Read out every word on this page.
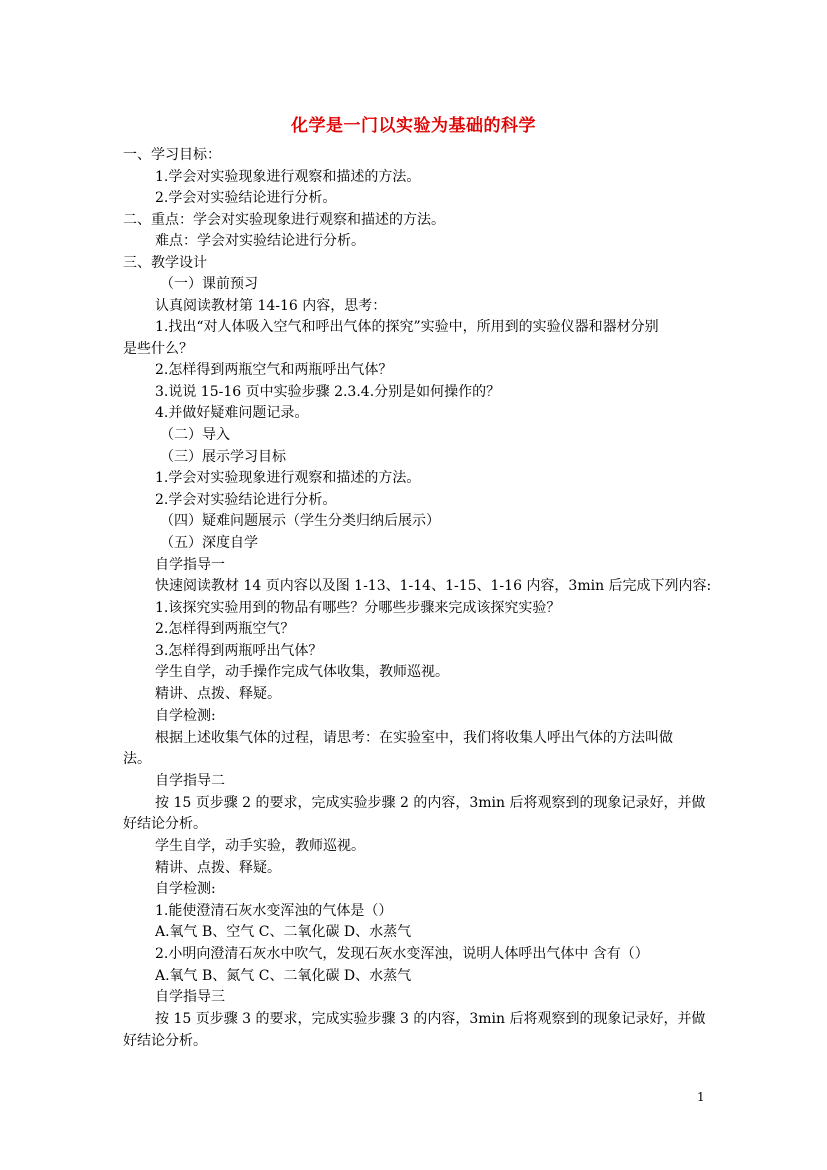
化学是一门以实验为基础的科学
一、学习目标：
1.学会对实验现象进行观察和描述的方法。
2.学会对实验结论进行分析。
二、重点：学会对实验现象进行观察和描述的方法。
难点：学会对实验结论进行分析。
三、教学设计
（一）课前预习
认真阅读教材第 14-16 内容，思考：
1.找出“对人体吸入空气和呼出气体的探究”实验中，所用到的实验仪器和器材分别
是些什么？
2.怎样得到两瓶空气和两瓶呼出气体？
3.说说 15-16 页中实验步骤 2.3.4.分别是如何操作的？
4.并做好疑难问题记录。
（二）导入
（三）展示学习目标
1.学会对实验现象进行观察和描述的方法。
2.学会对实验结论进行分析。
（四）疑难问题展示（学生分类归纳后展示）
（五）深度自学
自学指导一
快速阅读教材 14 页内容以及图 1-13、1-14、1-15、1-16 内容，3min 后完成下列内容:
1.该探究实验用到的物品有哪些？分哪些步骤来完成该探究实验？
2.怎样得到两瓶空气？
3.怎样得到两瓶呼出气体？
学生自学，动手操作完成气体收集，教师巡视。
精讲、点拨、释疑。
自学检测:
根据上述收集气体的过程，请思考：在实验室中，我们将收集人呼出气体的方法叫做
法。
自学指导二
按 15 页步骤 2 的要求，完成实验步骤 2 的内容，3min 后将观察到的现象记录好，并做
好结论分析。
学生自学，动手实验，教师巡视。
精讲、点拨、释疑。
自学检测:
1.能使澄清石灰水变浑浊的气体是（）
A.氧气 B、空气 C、二氧化碳 D、水蒸气
2.小明向澄清石灰水中吹气，发现石灰水变浑浊，说明人体呼出气体中 含有（）
A.氧气 B、氮气 C、二氧化碳 D、水蒸气
自学指导三
按 15 页步骤 3 的要求，完成实验步骤 3 的内容，3min 后将观察到的现象记录好，并做
好结论分析。
1
